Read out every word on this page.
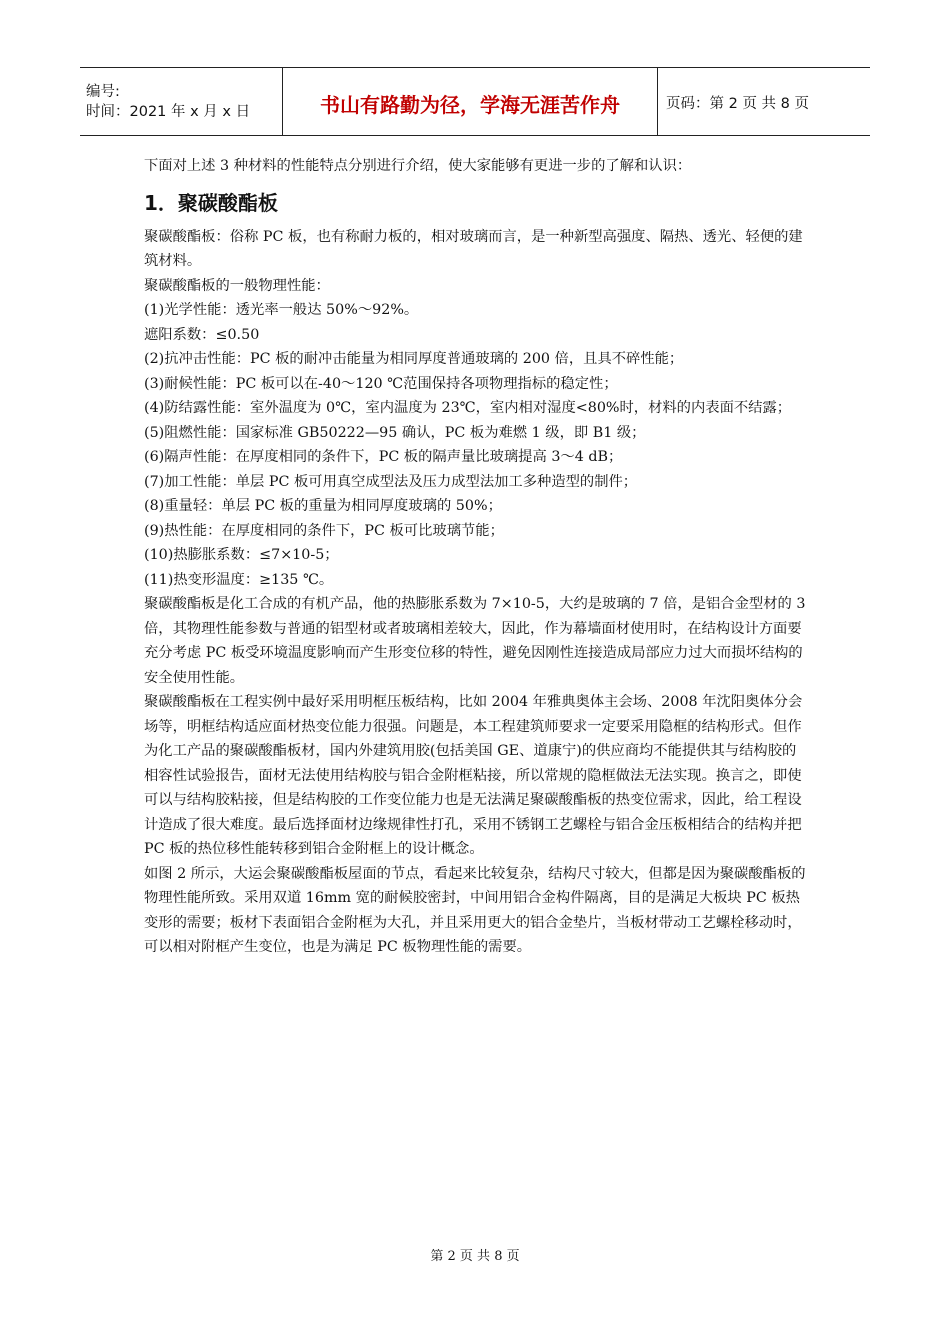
编号:
时间：2021 年 x 月 x 日	书山有路勤为径，学海无涯苦作舟	页码：第 2 页 共 8 页

下面对上述 3 种材料的性能特点分别进行介绍，使大家能够有更进一步的了解和认识：

1．聚碳酸酯板

聚碳酸酯板：俗称 PC 板，也有称耐力板的，相对玻璃而言，是一种新型高强度、隔热、透光、轻便的建筑材料。

聚碳酸酯板的一般物理性能：

(1)光学性能：透光率一般达 50%～92%。

遮阳系数：≤0.50

(2)抗冲击性能：PC 板的耐冲击能量为相同厚度普通玻璃的 200 倍，且具不碎性能；

(3)耐候性能：PC 板可以在-40～120 ℃范围保持各项物理指标的稳定性；

(4)防结露性能：室外温度为 0℃，室内温度为 23℃，室内相对湿度<80%时，材料的内表面不结露；

(5)阻燃性能：国家标准 GB50222—95 确认，PC 板为难燃 1 级，即 B1 级；

(6)隔声性能：在厚度相同的条件下，PC 板的隔声量比玻璃提高 3～4 dB；

(7)加工性能：单层 PC 板可用真空成型法及压力成型法加工多种造型的制件；

(8)重量轻：单层 PC 板的重量为相同厚度玻璃的 50%；

(9)热性能：在厚度相同的条件下，PC 板可比玻璃节能；

(10)热膨胀系数：≤7×10-5；

(11)热变形温度：≥135 ℃。

聚碳酸酯板是化工合成的有机产品，他的热膨胀系数为 7×10-5，大约是玻璃的 7 倍，是铝合金型材的 3 倍，其物理性能参数与普通的铝型材或者玻璃相差较大，因此，作为幕墙面材使用时，在结构设计方面要充分考虑 PC 板受环境温度影响而产生形变位移的特性，避免因刚性连接造成局部应力过大而损坏结构的安全使用性能。

聚碳酸酯板在工程实例中最好采用明框压板结构，比如 2004 年雅典奥体主会场、2008 年沈阳奥体分会场等，明框结构适应面材热变位能力很强。问题是，本工程建筑师要求一定要采用隐框的结构形式。但作为化工产品的聚碳酸酯板材，国内外建筑用胶(包括美国 GE、道康宁)的供应商均不能提供其与结构胶的相容性试验报告，面材无法使用结构胶与铝合金附框粘接，所以常规的隐框做法无法实现。换言之，即使可以与结构胶粘接，但是结构胶的工作变位能力也是无法满足聚碳酸酯板的热变位需求，因此，给工程设计造成了很大难度。最后选择面材边缘规律性打孔，采用不锈钢工艺螺栓与铝合金压板相结合的结构并把 PC 板的热位移性能转移到铝合金附框上的设计概念。

如图 2 所示，大运会聚碳酸酯板屋面的节点，看起来比较复杂，结构尺寸较大，但都是因为聚碳酸酯板的物理性能所致。采用双道 16mm 宽的耐候胶密封，中间用铝合金构件隔离，目的是满足大板块 PC 板热变形的需要；板材下表面铝合金附框为大孔，并且采用更大的铝合金垫片，当板材带动工艺螺栓移动时，可以相对附框产生变位，也是为满足 PC 板物理性能的需要。

第 2 页 共 8 页
